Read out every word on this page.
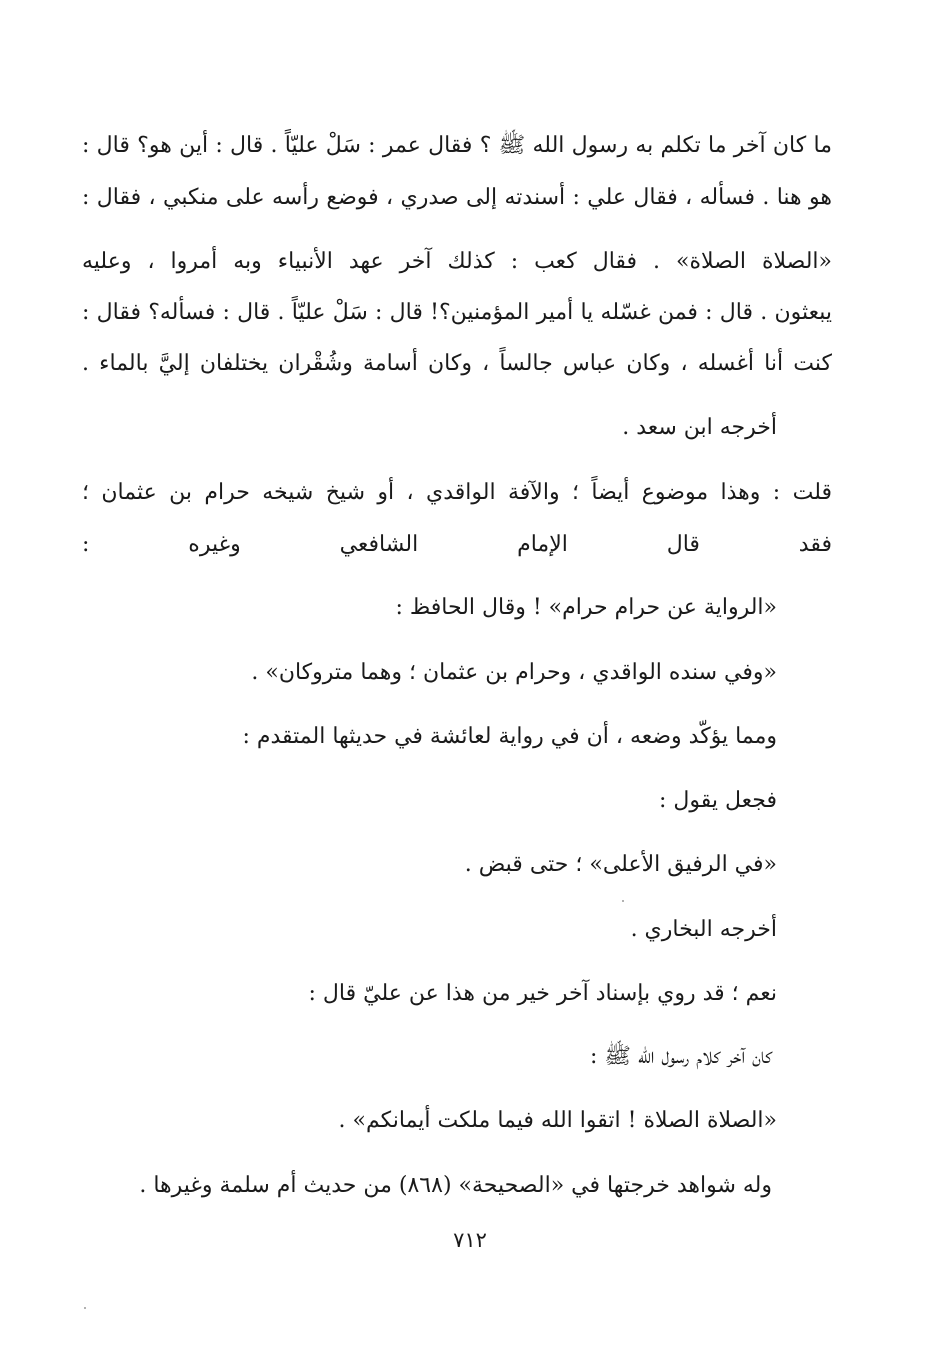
ما كان آخر ما تكلم به رسول الله ﷺ ؟ فقال عمر : سَلْ عليّاً . قال : أين هو؟ قال :
هو هنا . فسأله ، فقال علي : أسندته إلى صدري ، فوضع رأسه على منكبي ، فقال :
«الصلاة الصلاة» . فقال كعب : كذلك آخر عهد الأنبياء وبه أمروا ، وعليه
يبعثون . قال : فمن غسّله يا أمير المؤمنين؟! قال : سَلْ عليّاً . قال : فسأله؟ فقال :
كنت أنا أغسله ، وكان عباس جالساً ، وكان أسامة وشُقْران يختلفان إليَّ بالماء .
أخرجه ابن سعد .
قلت : وهذا موضوع أيضاً ؛ والآفة الواقدي ، أو شيخ شيخه حرام بن عثمان ؛
فقد قال الإمام الشافعي وغيره :
«الرواية عن حرام حرام» ! وقال الحافظ :
«وفي سنده الواقدي ، وحرام بن عثمان ؛ وهما متروكان» .
ومما يؤكّد وضعه ، أن في رواية لعائشة في حديثها المتقدم :
فجعل يقول :
«في الرفيق الأعلى» ؛ حتى قبض .
أخرجه البخاري .
نعم ؛ قد روي بإسناد آخر خير من هذا عن عليّ قال :
كان آخر كلام رسول الله ﷺ :
«الصلاة الصلاة ! اتقوا الله فيما ملكت أيمانكم» .
وله شواهد خرجتها في «الصحيحة» (٨٦٨) من حديث أم سلمة وغيرها .
٧١٢
